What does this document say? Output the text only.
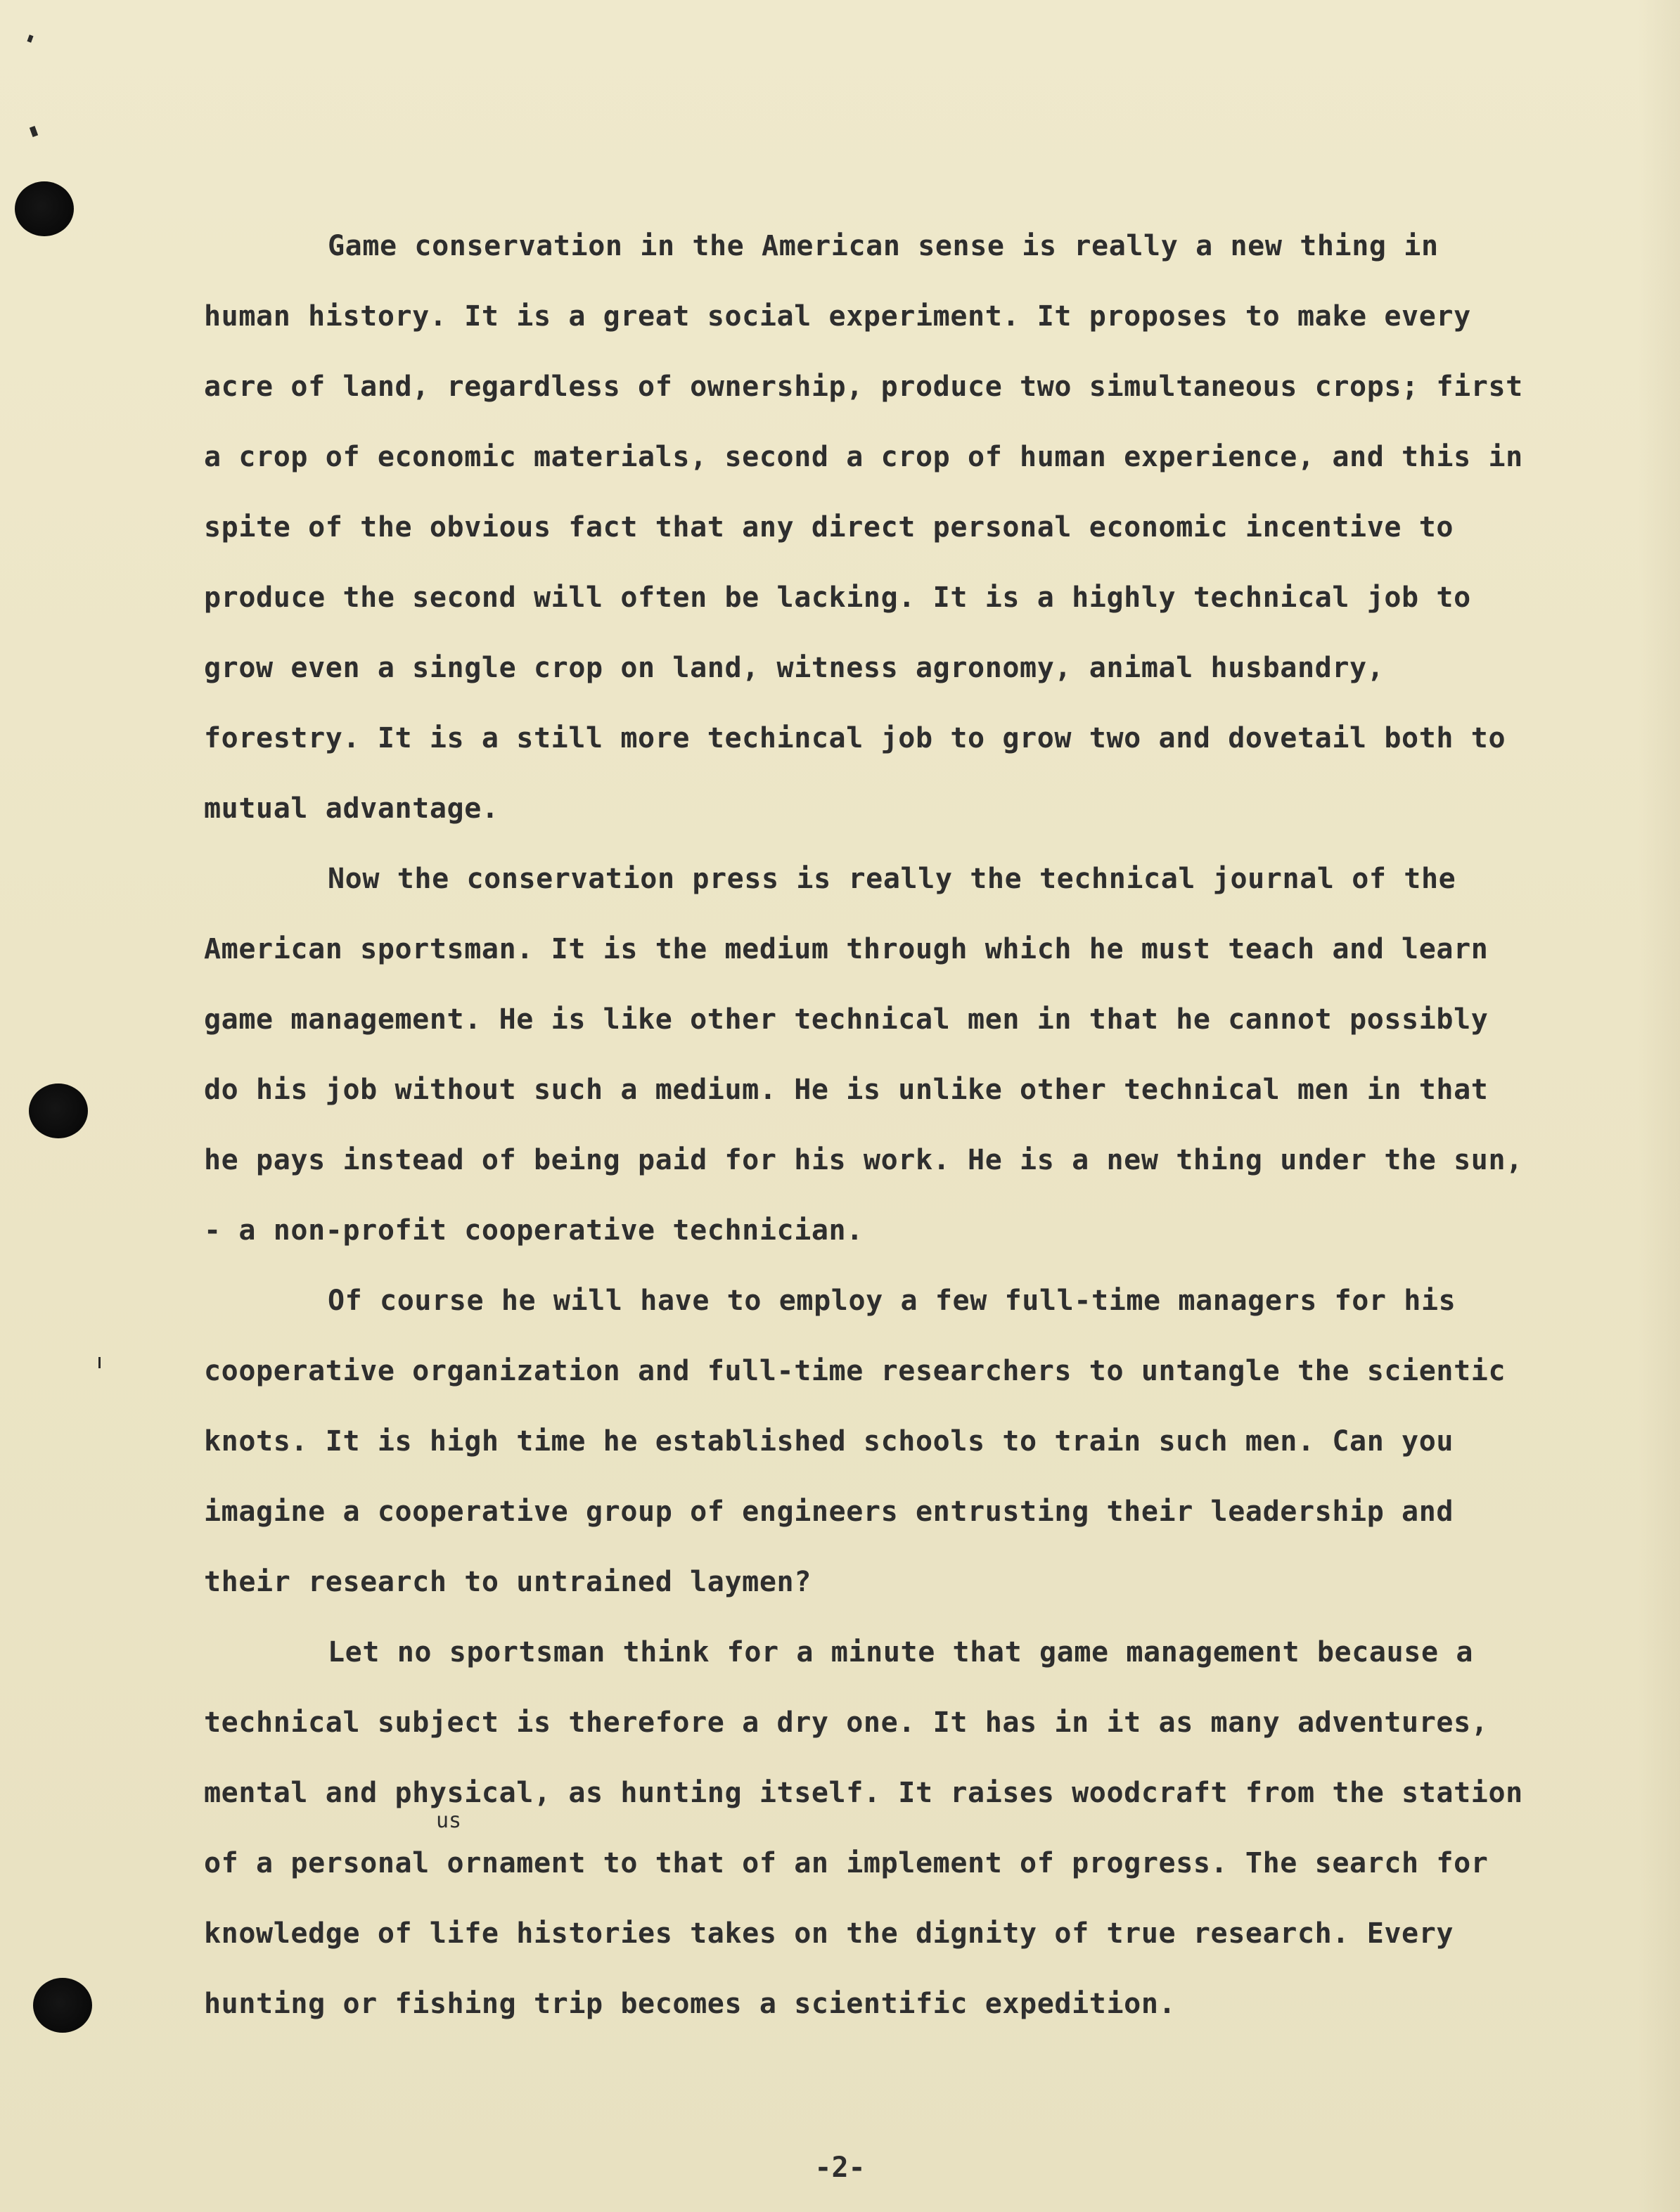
Game conservation in the American sense is really a new thing in human history. It is a great social experiment. It proposes to make every acre of land, regardless of ownership, produce two simultaneous crops; first a crop of economic materials, second a crop of human experience, and this in spite of the obvious fact that any direct personal economic incentive to produce the second will often be lacking. It is a highly technical job to grow even a single crop on land, witness agronomy, animal husbandry, forestry. It is a still more techincal job to grow two and dovetail both to mutual advantage.

Now the conservation press is really the technical journal of the American sportsman. It is the medium through which he must teach and learn game management. He is like other technical men in that he cannot possibly do his job without such a medium. He is unlike other technical men in that he pays instead of being paid for his work. He is a new thing under the sun, - a non-profit cooperative technician.

Of course he will have to employ a few full-time managers for his cooperative organization and full-time researchers to untangle the scientic knots. It is high time he established schools to train such men. Can you imagine a cooperative group of engineers entrusting their leadership and their research to untrained laymen?

Let no sportsman think for a minute that game management because a technical subject is therefore a dry one. It has in it as many adventures, mental and physical, as hunting itself. It raises woodcraft from the station of a personal ornament to that of an implement of progress. The search for knowledge of life histories takes on the dignity of true research. Every hunting or fishing trip becomes a scientific expedition.

us
-2-
